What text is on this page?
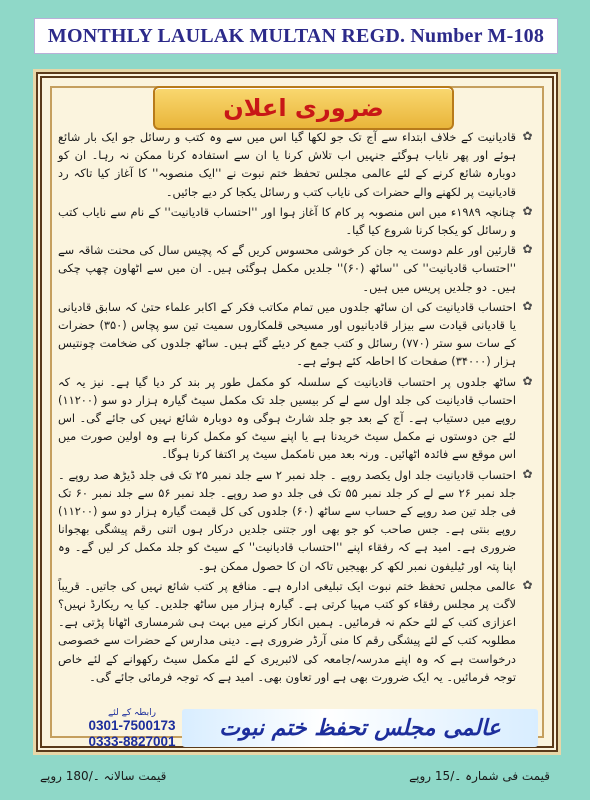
MONTHLY LAULAK MULTAN REGD. Number M-108
ضروری اعلان

✿
قادیانیت کے خلاف ابتداء سے آج تک جو لکھا گیا اس میں سے وہ کتب و رسائل جو ایک بار شائع ہوئے اور پھر نایاب ہوگئے جنہیں اب تلاش کرنا یا ان سے استفادہ کرنا ممکن نہ رہا۔ ان کو دوبارہ شائع کرنے کے لئے عالمی مجلس تحفظ ختم نبوت نے ''ایک منصوبہ'' کا آغاز کیا تاکہ رد قادیانیت پر لکھنے والے حضرات کی نایاب کتب و رسائل یکجا کر دیے جائیں۔

✿
چنانچہ ۱۹۸۹ء میں اس منصوبہ پر کام کا آغاز ہوا اور ''احتساب قادیانیت'' کے نام سے نایاب کتب و رسائل کو یکجا کرنا شروع کیا گیا۔

✿
قارئین اور علم دوست یہ جان کر خوشی محسوس کریں گے کہ پچیس سال کی محنت شاقہ سے ''احتساب قادیانیت'' کی ''ساٹھ (۶۰)'' جلدیں مکمل ہوگئی ہیں۔ ان میں سے اٹھاون چھپ چکی ہیں۔ دو جلدیں پریس میں ہیں۔

✿
احتساب قادیانیت کی ان ساٹھ جلدوں میں تمام مکاتب فکر کے اکابر علماء حتیٰ کہ سابق قادیانی یا قادیانی قیادت سے بیزار قادیانیوں اور مسیحی قلمکاروں سمیت تین سو پچاس (۳۵۰) حضرات کے سات سو ستر (۷۷۰) رسائل و کتب جمع کر دیئے گئے ہیں۔ ساٹھ جلدوں کی ضخامت چونتیس ہزار (۳۴۰۰۰) صفحات کا احاطہ کئے ہوئے ہے۔

✿
ساٹھ جلدوں پر احتساب قادیانیت کے سلسلہ کو مکمل طور پر بند کر دیا گیا ہے۔ نیز یہ کہ احتساب قادیانیت کی جلد اول سے لے کر بیسیں جلد تک مکمل سیٹ گیارہ ہزار دو سو (۱۱۲۰۰) روپے میں دستیاب ہے۔ آج کے بعد جو جلد شارٹ ہوگی وہ دوبارہ شائع نہیں کی جائے گی۔ اس لئے جن دوستوں نے مکمل سیٹ خریدنا ہے یا اپنے سیٹ کو مکمل کرنا ہے وہ اولین صورت میں اس موقع سے فائدہ اٹھائیں۔ ورنہ بعد میں نامکمل سیٹ پر اکتفا کرنا ہوگا۔

✿
احتساب قادیانیت جلد اول یکصد روپے ۔ جلد نمبر ۲ سے جلد نمبر ۲۵ تک فی جلد ڈیڑھ صد روپے ۔ جلد نمبر ۲۶ سے لے کر جلد نمبر ۵۵ تک فی جلد دو صد روپے۔ جلد نمبر ۵۶ سے جلد نمبر ۶۰ تک فی جلد تین صد روپے کے حساب سے ساٹھ (۶۰) جلدوں کی کل قیمت گیارہ ہزار دو سو (۱۱۲۰۰) روپے بنتی ہے۔ جس صاحب کو جو بھی اور جتنی جلدیں درکار ہوں اتنی رقم پیشگی بھجوانا ضروری ہے۔ امید ہے کہ رفقاء اپنے ''احتساب قادیانیت'' کے سیٹ کو جلد مکمل کر لیں گے۔ وہ اپنا پتہ اور ٹیلیفون نمبر لکھ کر بھیجیں تاکہ ان کا حصول ممکن ہو۔

✿
عالمی مجلس تحفظ ختم نبوت ایک تبلیغی ادارہ ہے۔ منافع پر کتب شائع نہیں کی جاتیں۔ قریباً لاگت پر مجلس رفقاء کو کتب مہیا کرتی ہے۔ گیارہ ہزار میں ساٹھ جلدیں۔ کیا یہ ریکارڈ نہیں؟ اعزازی کتب کے لئے حکم نہ فرمائیں۔ ہمیں انکار کرنے میں بہت ہی شرمساری اٹھانا پڑتی ہے۔ مطلوبہ کتب کے لئے پیشگی رقم کا منی آرڈر ضروری ہے۔ دینی مدارس کے حضرات سے خصوصی درخواست ہے کہ وہ اپنے مدرسہ/جامعہ کی لائبریری کے لئے مکمل سیٹ رکھوانے کے لئے خاص توجہ فرمائیں۔ یہ ایک ضرورت بھی ہے اور تعاون بھی۔ امید ہے کہ توجہ فرمائی جائے گی۔

رابطہ کے لئے
0301-7500173
0333-8827001
عالمی مجلس تحفظ ختم نبوت
قیمت سالانہ ۔/180 روپے	قیمت فی شمارہ ۔/15 روپے
